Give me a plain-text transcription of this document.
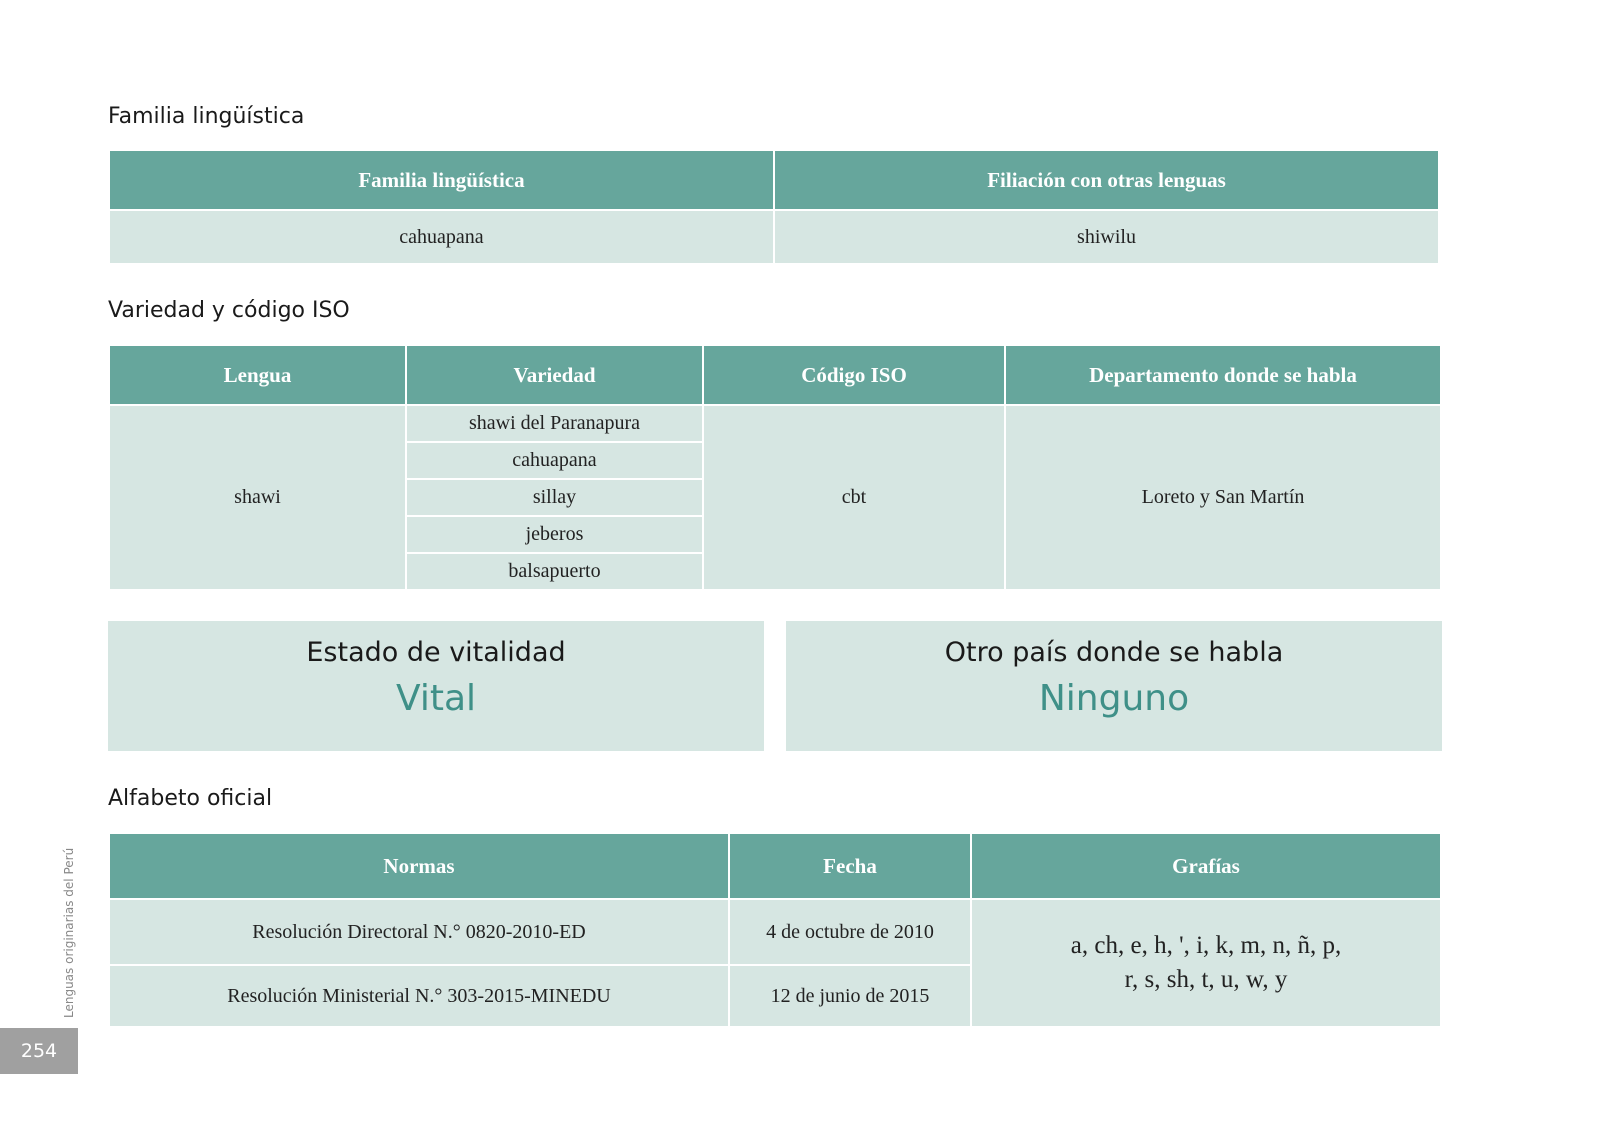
Familia lingüística
Familia lingüística	Filiación con otras lenguas
cahuapana	shiwilu
Variedad y código ISO
Lengua	Variedad	Código ISO	Departamento donde se habla
shawi	shawi del Paranapura	cbt	Loreto y San Martín
	cahuapana		
	sillay		
	jeberos		
	balsapuerto		
Estado de vitalidad
Vital
Otro país donde se habla
Ninguno
Alfabeto oficial
Normas	Fecha	Grafías
Resolución Directoral N.° 0820-2010-ED	4 de octubre de 2010	a, ch, e, h, ', i, k, m, n, ñ, p,
r, s, sh, t, u, w, y
Resolución Ministerial N.° 303-2015-MINEDU	12 de junio de 2015	
Lenguas originarias del Perú
254
